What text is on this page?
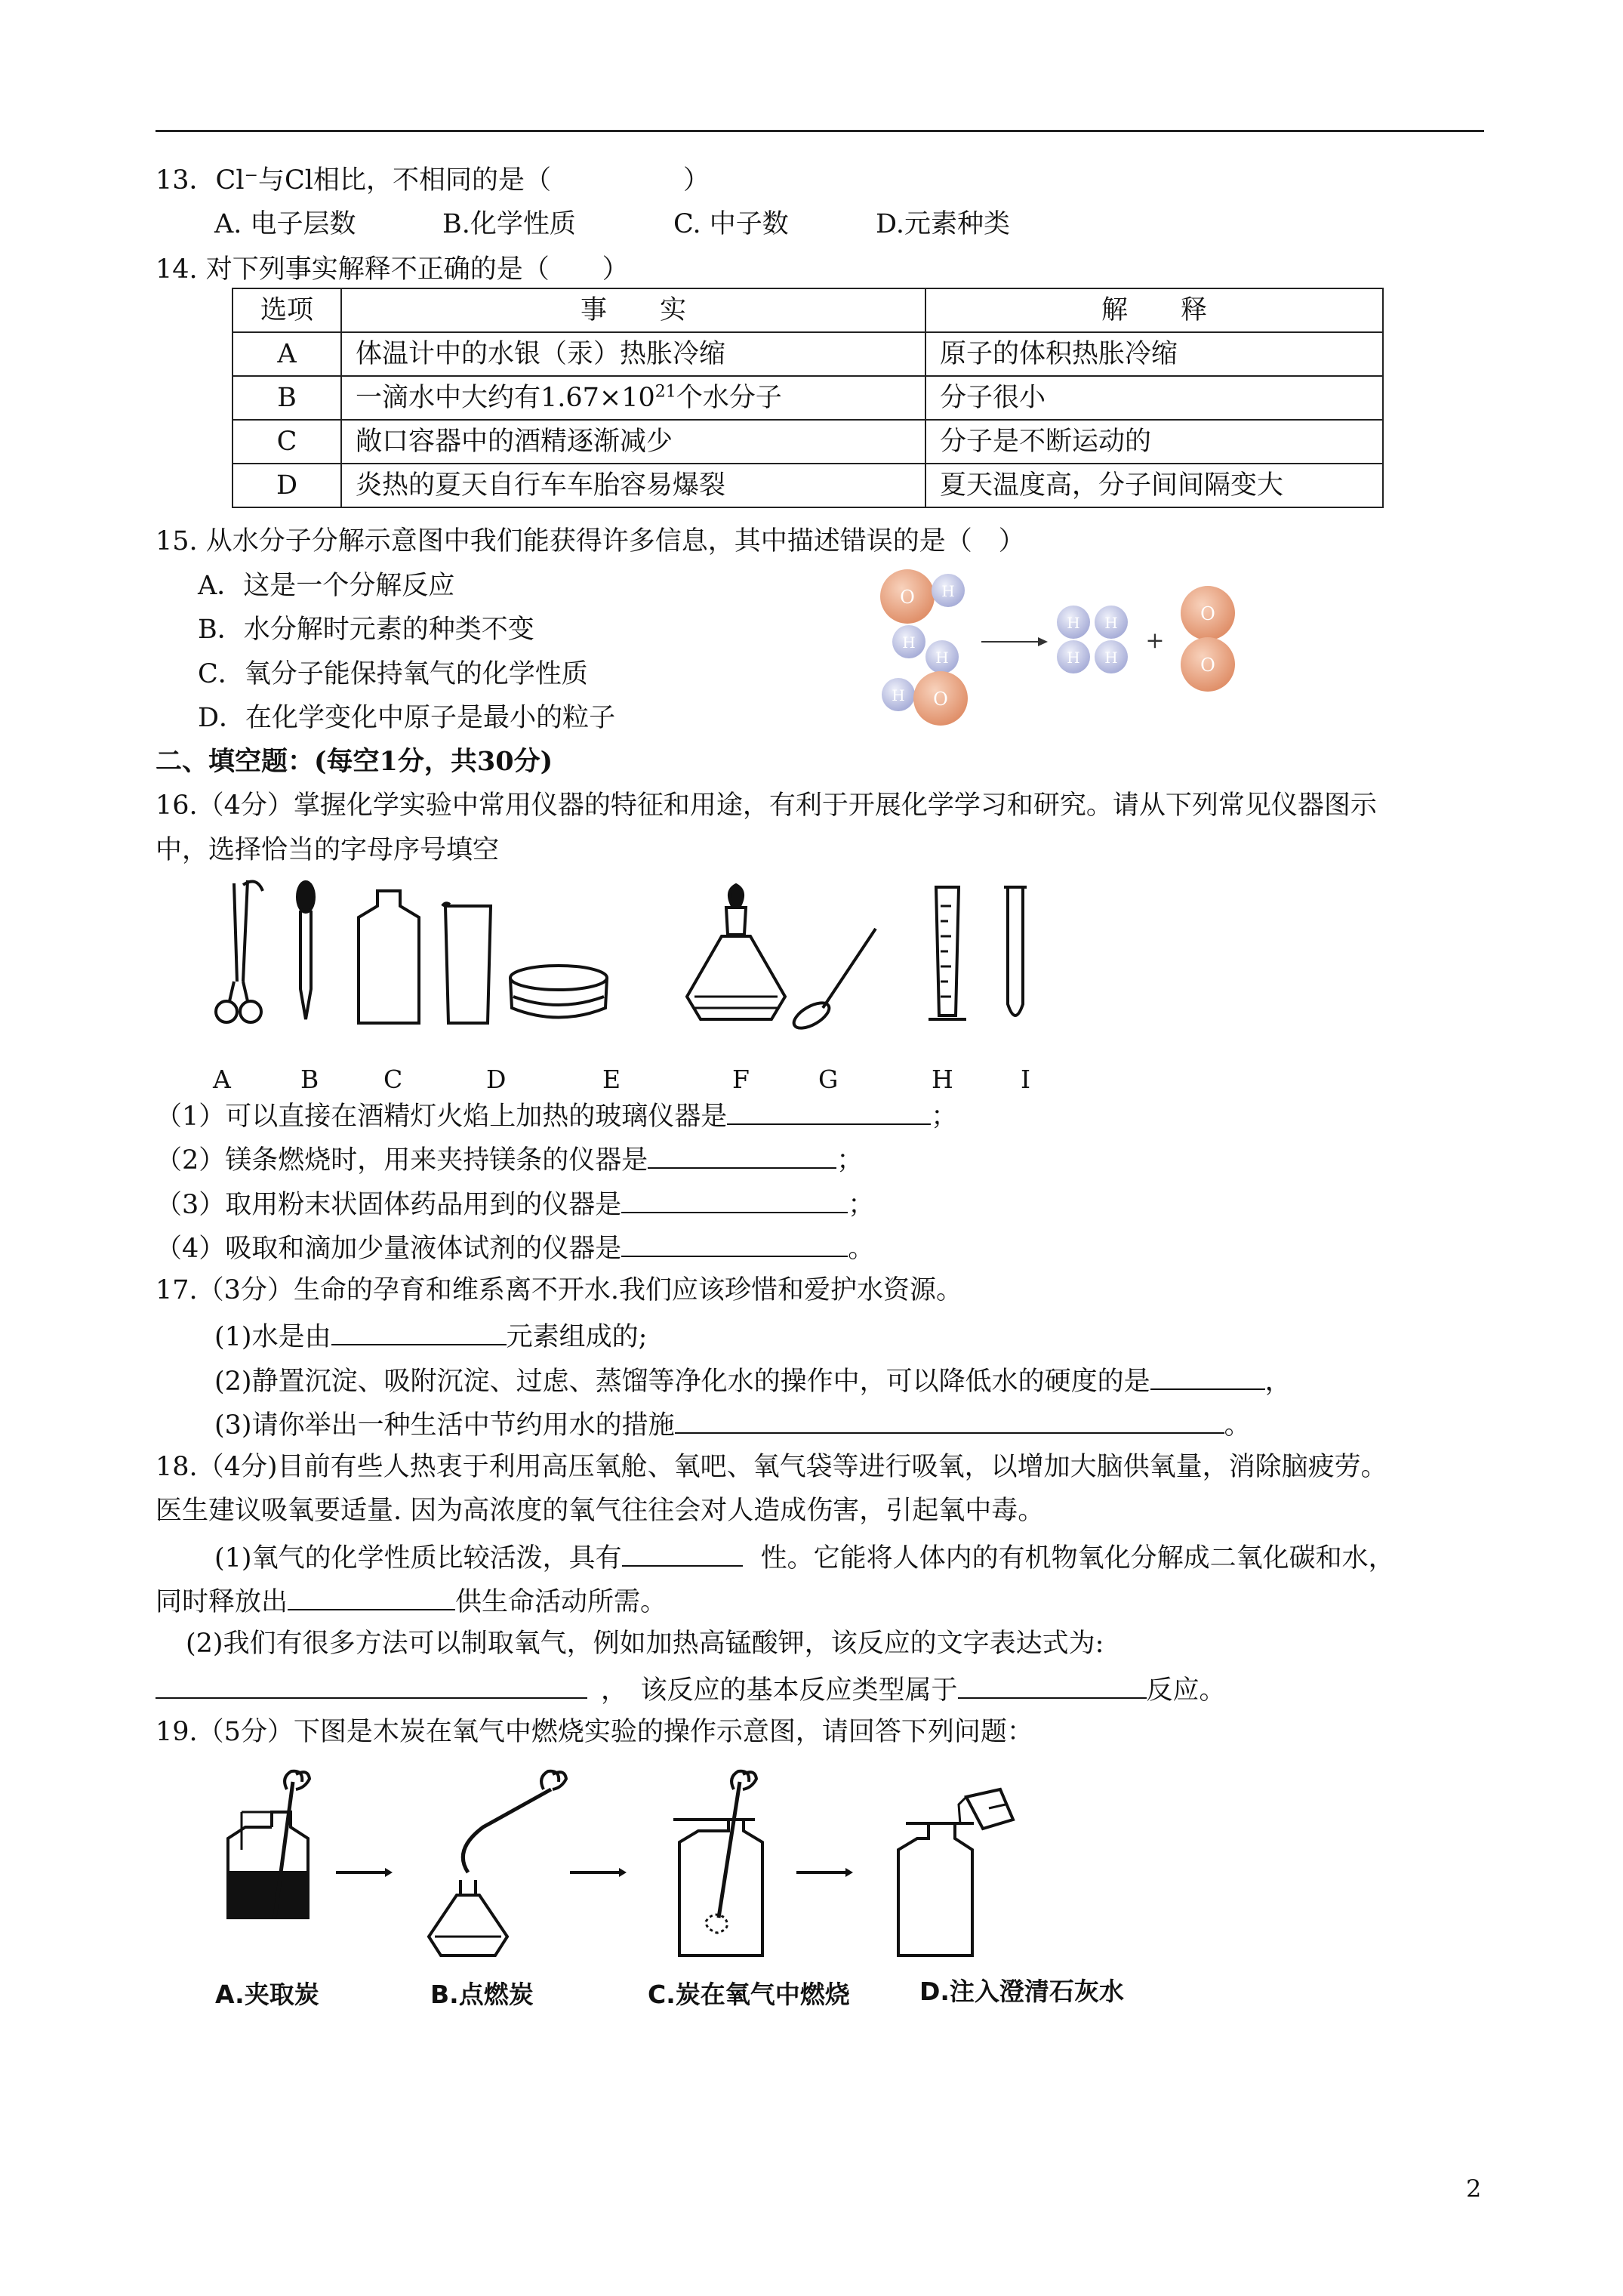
13．Cl⁻与Cl相比，不相同的是（　　　　　）
A. 电子层数	B.化学性质	C. 中子数	D.元素种类
14. 对下列事实解释不正确的是（　　）
选项	事　　实	解　　释
A	体温计中的水银（汞）热胀冷缩	原子的体积热胀冷缩
B	一滴水中大约有$1.67\times 10^{21}$个水分子	分子很小
C	敞口容器中的酒精逐渐减少	分子是不断运动的
D	炎热的夏天自行车车胎容易爆裂	夏天温度高，分子间间隔变大
15. 从水分子分解示意图中我们能获得许多信息，其中描述错误的是（　）
A．这是一个分解反应
B．水分解时元素的种类不变
C．氧分子能保持氧气的化学性质
D．在化学变化中原子是最小的粒子
O H
H
H
H O
H H
H H
+
O
O
二、填空题：(每空1分，共30分)
16.（4分）掌握化学实验中常用仪器的特征和用途，有利于开展化学学习和研究。请从下列常见仪器图示
中，选择恰当的字母序号填空
A	B	C	D	E	F	G	H	I
（1）可以直接在酒精灯火焰上加热的玻璃仪器是	；
（2）镁条燃烧时，用来夹持镁条的仪器是	；
（3）取用粉末状固体药品用到的仪器是	；
（4）吸取和滴加少量液体试剂的仪器是	。
17.（3分）生命的孕育和维系离不开水.我们应该珍惜和爱护水资源。
(1)水是由	元素组成的;
(2)静置沉淀、吸附沉淀、过虑、蒸馏等净化水的操作中，可以降低水的硬度的是	，
(3)请你举出一种生活中节约用水的措施	。
18.（4分)目前有些人热衷于利用高压氧舱、氧吧、氧气袋等进行吸氧，以增加大脑供氧量，消除脑疲劳。
医生建议吸氧要适量. 因为高浓度的氧气往往会对人造成伤害，引起氧中毒。
(1)氧气的化学性质比较活泼，具有	性。它能将人体内的有机物氧化分解成二氧化碳和水，
同时释放出	供生命活动所需。
(2)我们有很多方法可以制取氧气，例如加热高锰酸钾，该反应的文字表达式为:
，　该反应的基本反应类型属于	反应。
19.（5分）下图是木炭在氧气中燃烧实验的操作示意图，请回答下列问题：
A.夹取炭	B.点燃炭	C.炭在氧气中燃烧	D.注入澄清石灰水
2
